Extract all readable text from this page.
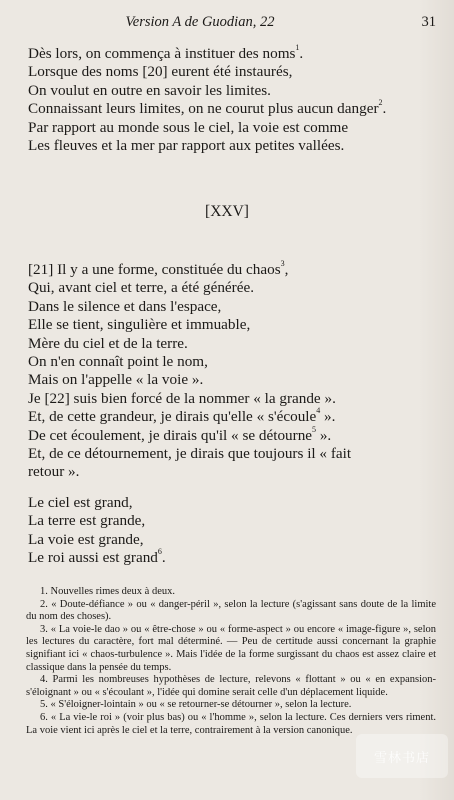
Version A de Guodian, 22	31
Dès lors, on commença à instituer des noms$^1$.
Lorsque des noms [20] eurent été instaurés,
On voulut en outre en savoir les limites.
Connaissant leurs limites, on ne courut plus aucun danger$^2$.
Par rapport au monde sous le ciel, la voie est comme
Les fleuves et la mer par rapport aux petites vallées.
[XXV]
[21] Il y a une forme, constituée du chaos$^3$,
Qui, avant ciel et terre, a été générée.
Dans le silence et dans l'espace,
Elle se tient, singulière et immuable,
Mère du ciel et de la terre.
On n'en connaît point le nom,
Mais on l'appelle « la voie ».
Je [22] suis bien forcé de la nommer « la grande ».
Et, de cette grandeur, je dirais qu'elle « s'écoule$^4$ ».
De cet écoulement, je dirais qu'il « se détourne$^5$ ».
Et, de ce détournement, je dirais que toujours il « fait
retour ».
Le ciel est grand,
La terre est grande,
La voie est grande,
Le roi aussi est grand$^6$.
1. Nouvelles rimes deux à deux.
2. « Doute-défiance » ou « danger-péril », selon la lecture (s'agissant sans doute de la limite du nom des choses).
3. « La voie-le dao » ou « être-chose » ou « forme-aspect » ou encore « image-figure », selon les lectures du caractère, fort mal déterminé. — Peu de certitude aussi concernant la graphie signifiant ici « chaos-turbulence ». Mais l'idée de la forme surgissant du chaos est assez claire et classique dans la pensée du temps.
4. Parmi les nombreuses hypothèses de lecture, relevons « flottant » ou « en expansion-s'éloignant » ou « s'écoulant », l'idée qui domine serait celle d'un déplacement liquide.
5. « S'éloigner-lointain » ou « se retourner-se détourner », selon la lecture.
6. « La vie-le roi » (voir plus bas) ou « l'homme », selon la lecture. Ces derniers vers riment. La voie vient ici après le ciel et la terre, contrairement à la version canonique.
雪林书店
